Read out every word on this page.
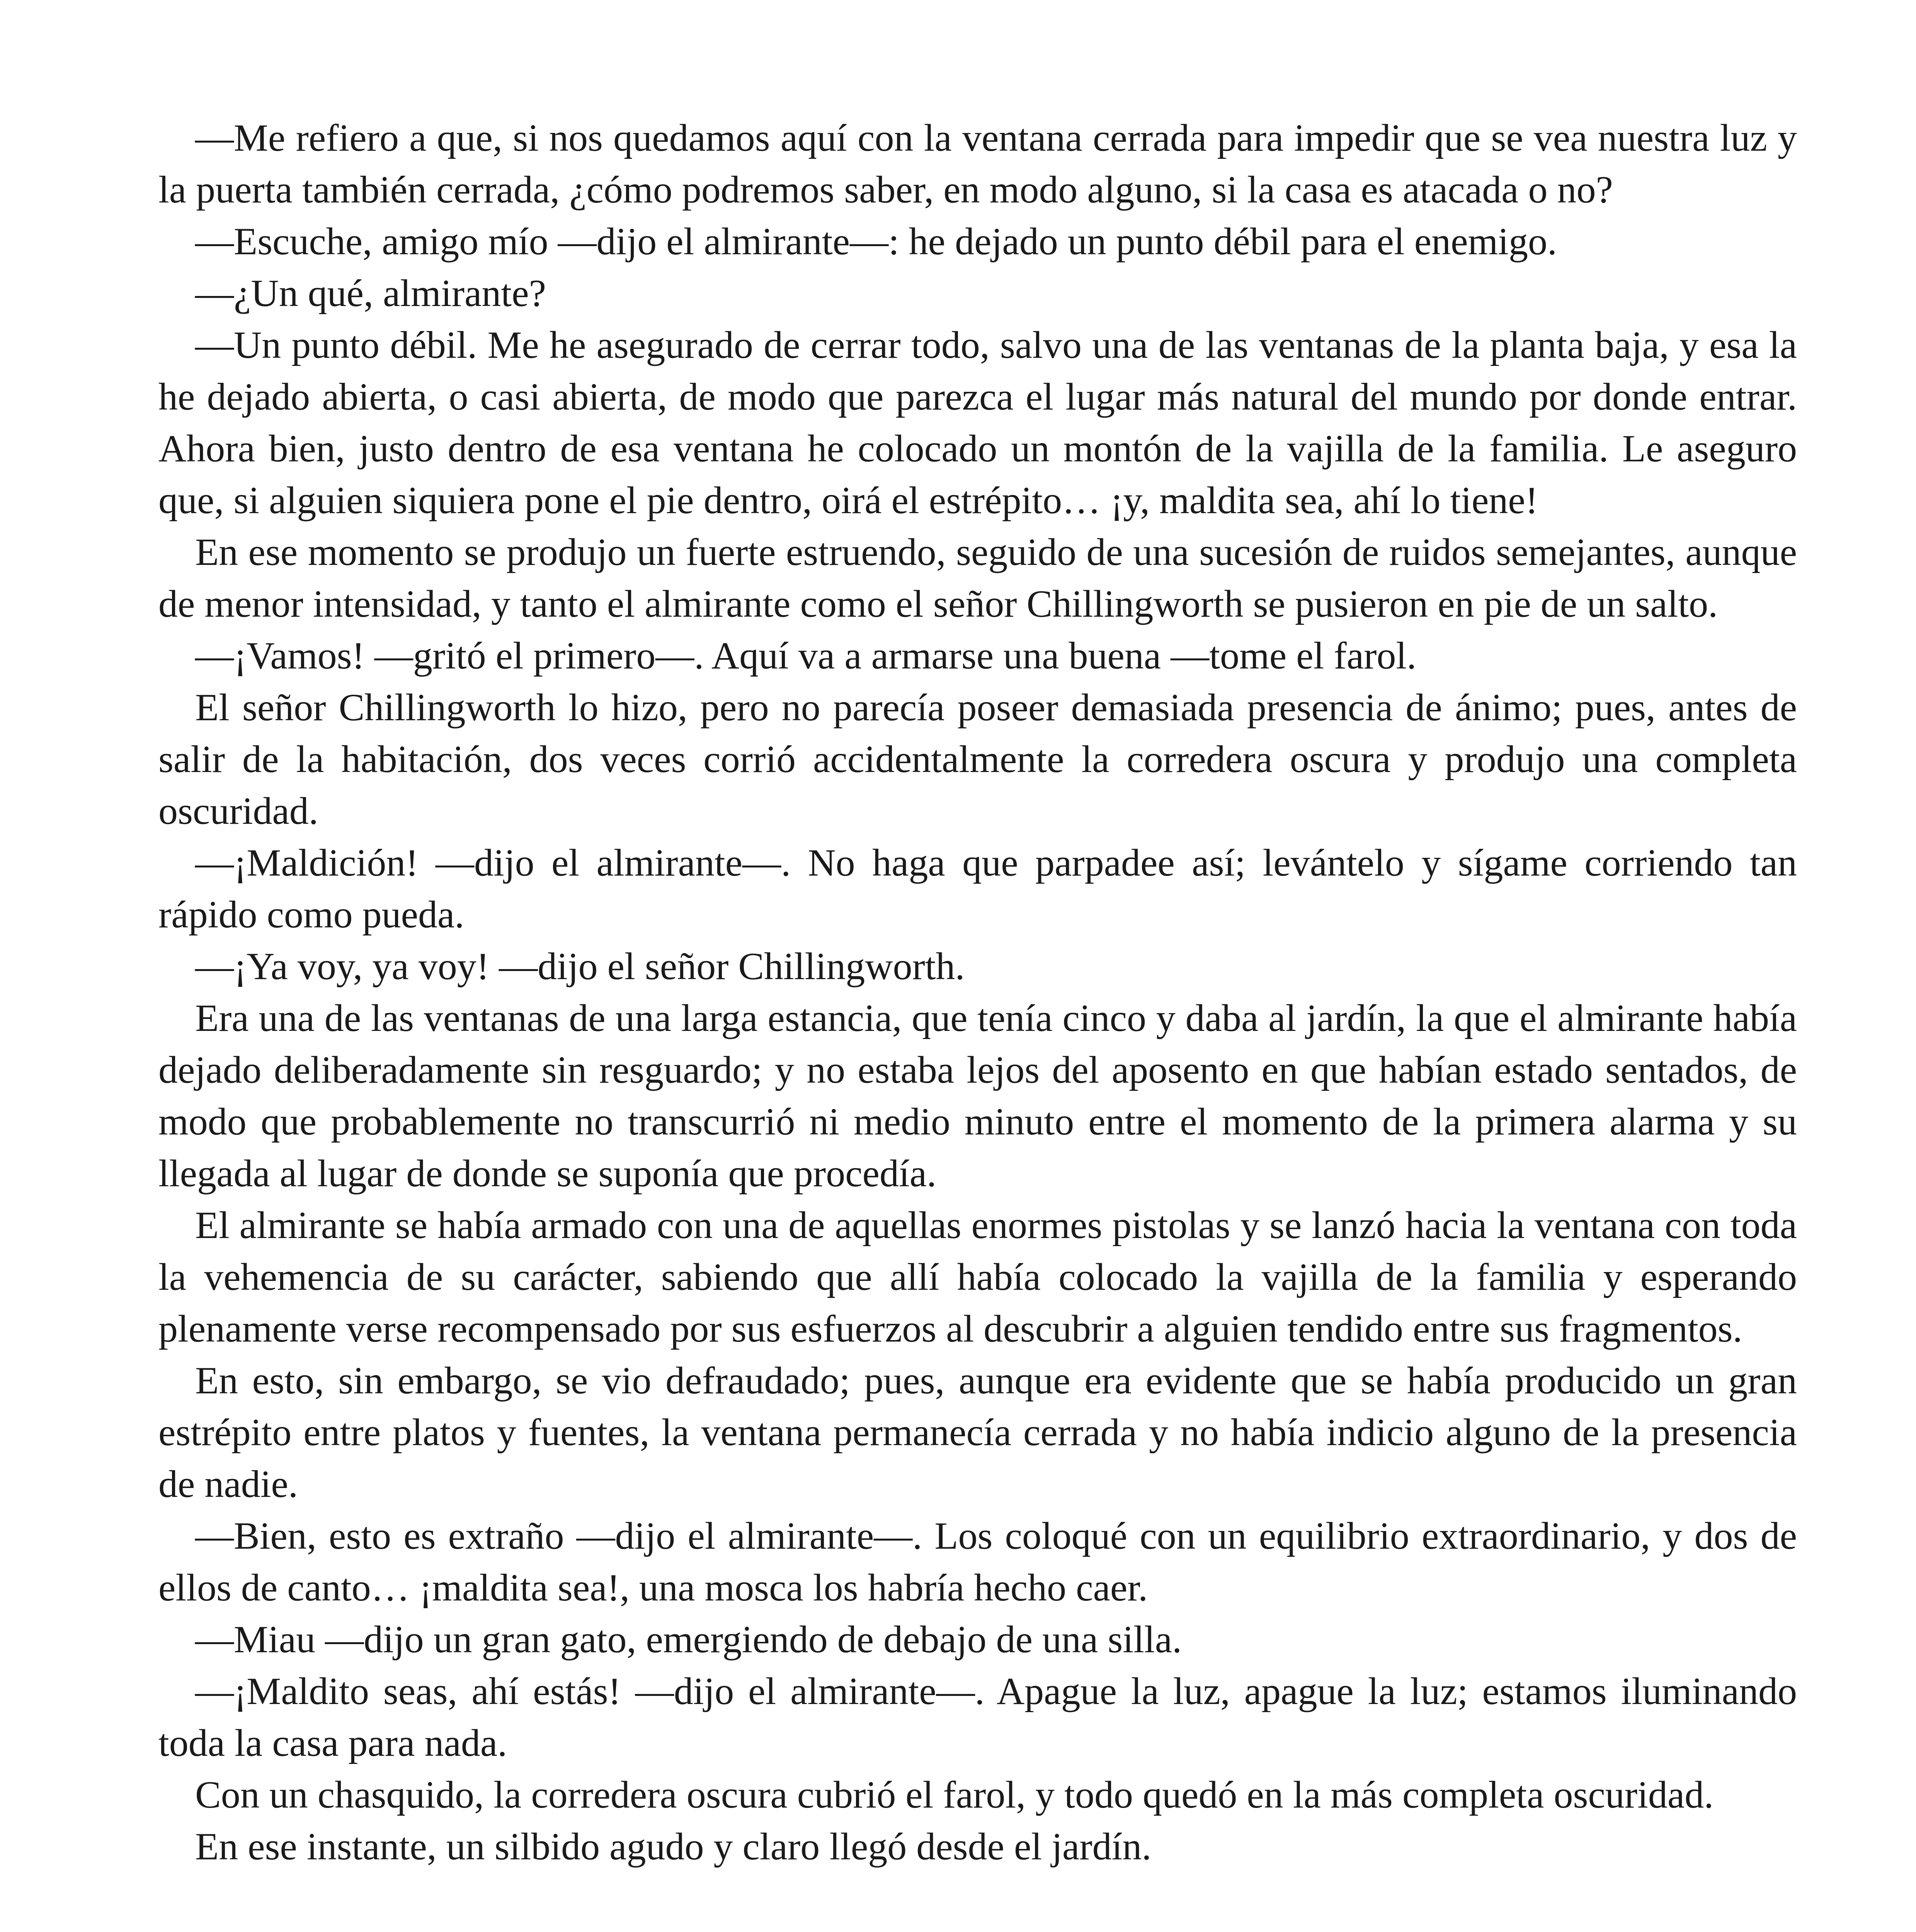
—Me refiero a que, si nos quedamos aquí con la ventana cerrada para impedir que se vea nuestra luz y la puerta también cerrada, ¿cómo podremos saber, en modo alguno, si la casa es atacada o no?

—Escuche, amigo mío —dijo el almirante—: he dejado un punto débil para el enemigo.

—¿Un qué, almirante?

—Un punto débil. Me he asegurado de cerrar todo, salvo una de las ventanas de la planta baja, y esa la he dejado abierta, o casi abierta, de modo que parezca el lugar más natural del mundo por donde entrar. Ahora bien, justo dentro de esa ventana he colocado un montón de la vajilla de la familia. Le aseguro que, si alguien siquiera pone el pie dentro, oirá el estrépito… ¡y, maldita sea, ahí lo tiene!

En ese momento se produjo un fuerte estruendo, seguido de una sucesión de ruidos semejantes, aunque de menor intensidad, y tanto el almirante como el señor Chillingworth se pusieron en pie de un salto.

—¡Vamos! —gritó el primero—. Aquí va a armarse una buena —tome el farol.

El señor Chillingworth lo hizo, pero no parecía poseer demasiada presencia de ánimo; pues, antes de salir de la habitación, dos veces corrió accidentalmente la corredera oscura y produjo una completa oscuridad.

—¡Maldición! —dijo el almirante—. No haga que parpadee así; levántelo y sígame corriendo tan rápido como pueda.

—¡Ya voy, ya voy! —dijo el señor Chillingworth.

Era una de las ventanas de una larga estancia, que tenía cinco y daba al jardín, la que el almirante había dejado deliberadamente sin resguardo; y no estaba lejos del aposento en que habían estado sentados, de modo que probablemente no transcurrió ni medio minuto entre el momento de la primera alarma y su llegada al lugar de donde se suponía que procedía.

El almirante se había armado con una de aquellas enormes pistolas y se lanzó hacia la ventana con toda la vehemencia de su carácter, sabiendo que allí había colocado la vajilla de la familia y esperando plenamente verse recompensado por sus esfuerzos al descubrir a alguien tendido entre sus fragmentos.

En esto, sin embargo, se vio defraudado; pues, aunque era evidente que se había producido un gran estrépito entre platos y fuentes, la ventana permanecía cerrada y no había indicio alguno de la presencia de nadie.

—Bien, esto es extraño —dijo el almirante—. Los coloqué con un equilibrio extraordinario, y dos de ellos de canto… ¡maldita sea!, una mosca los habría hecho caer.

—Miau —dijo un gran gato, emergiendo de debajo de una silla.

—¡Maldito seas, ahí estás! —dijo el almirante—. Apague la luz, apague la luz; estamos iluminando toda la casa para nada.

Con un chasquido, la corredera oscura cubrió el farol, y todo quedó en la más completa oscuridad.

En ese instante, un silbido agudo y claro llegó desde el jardín.
